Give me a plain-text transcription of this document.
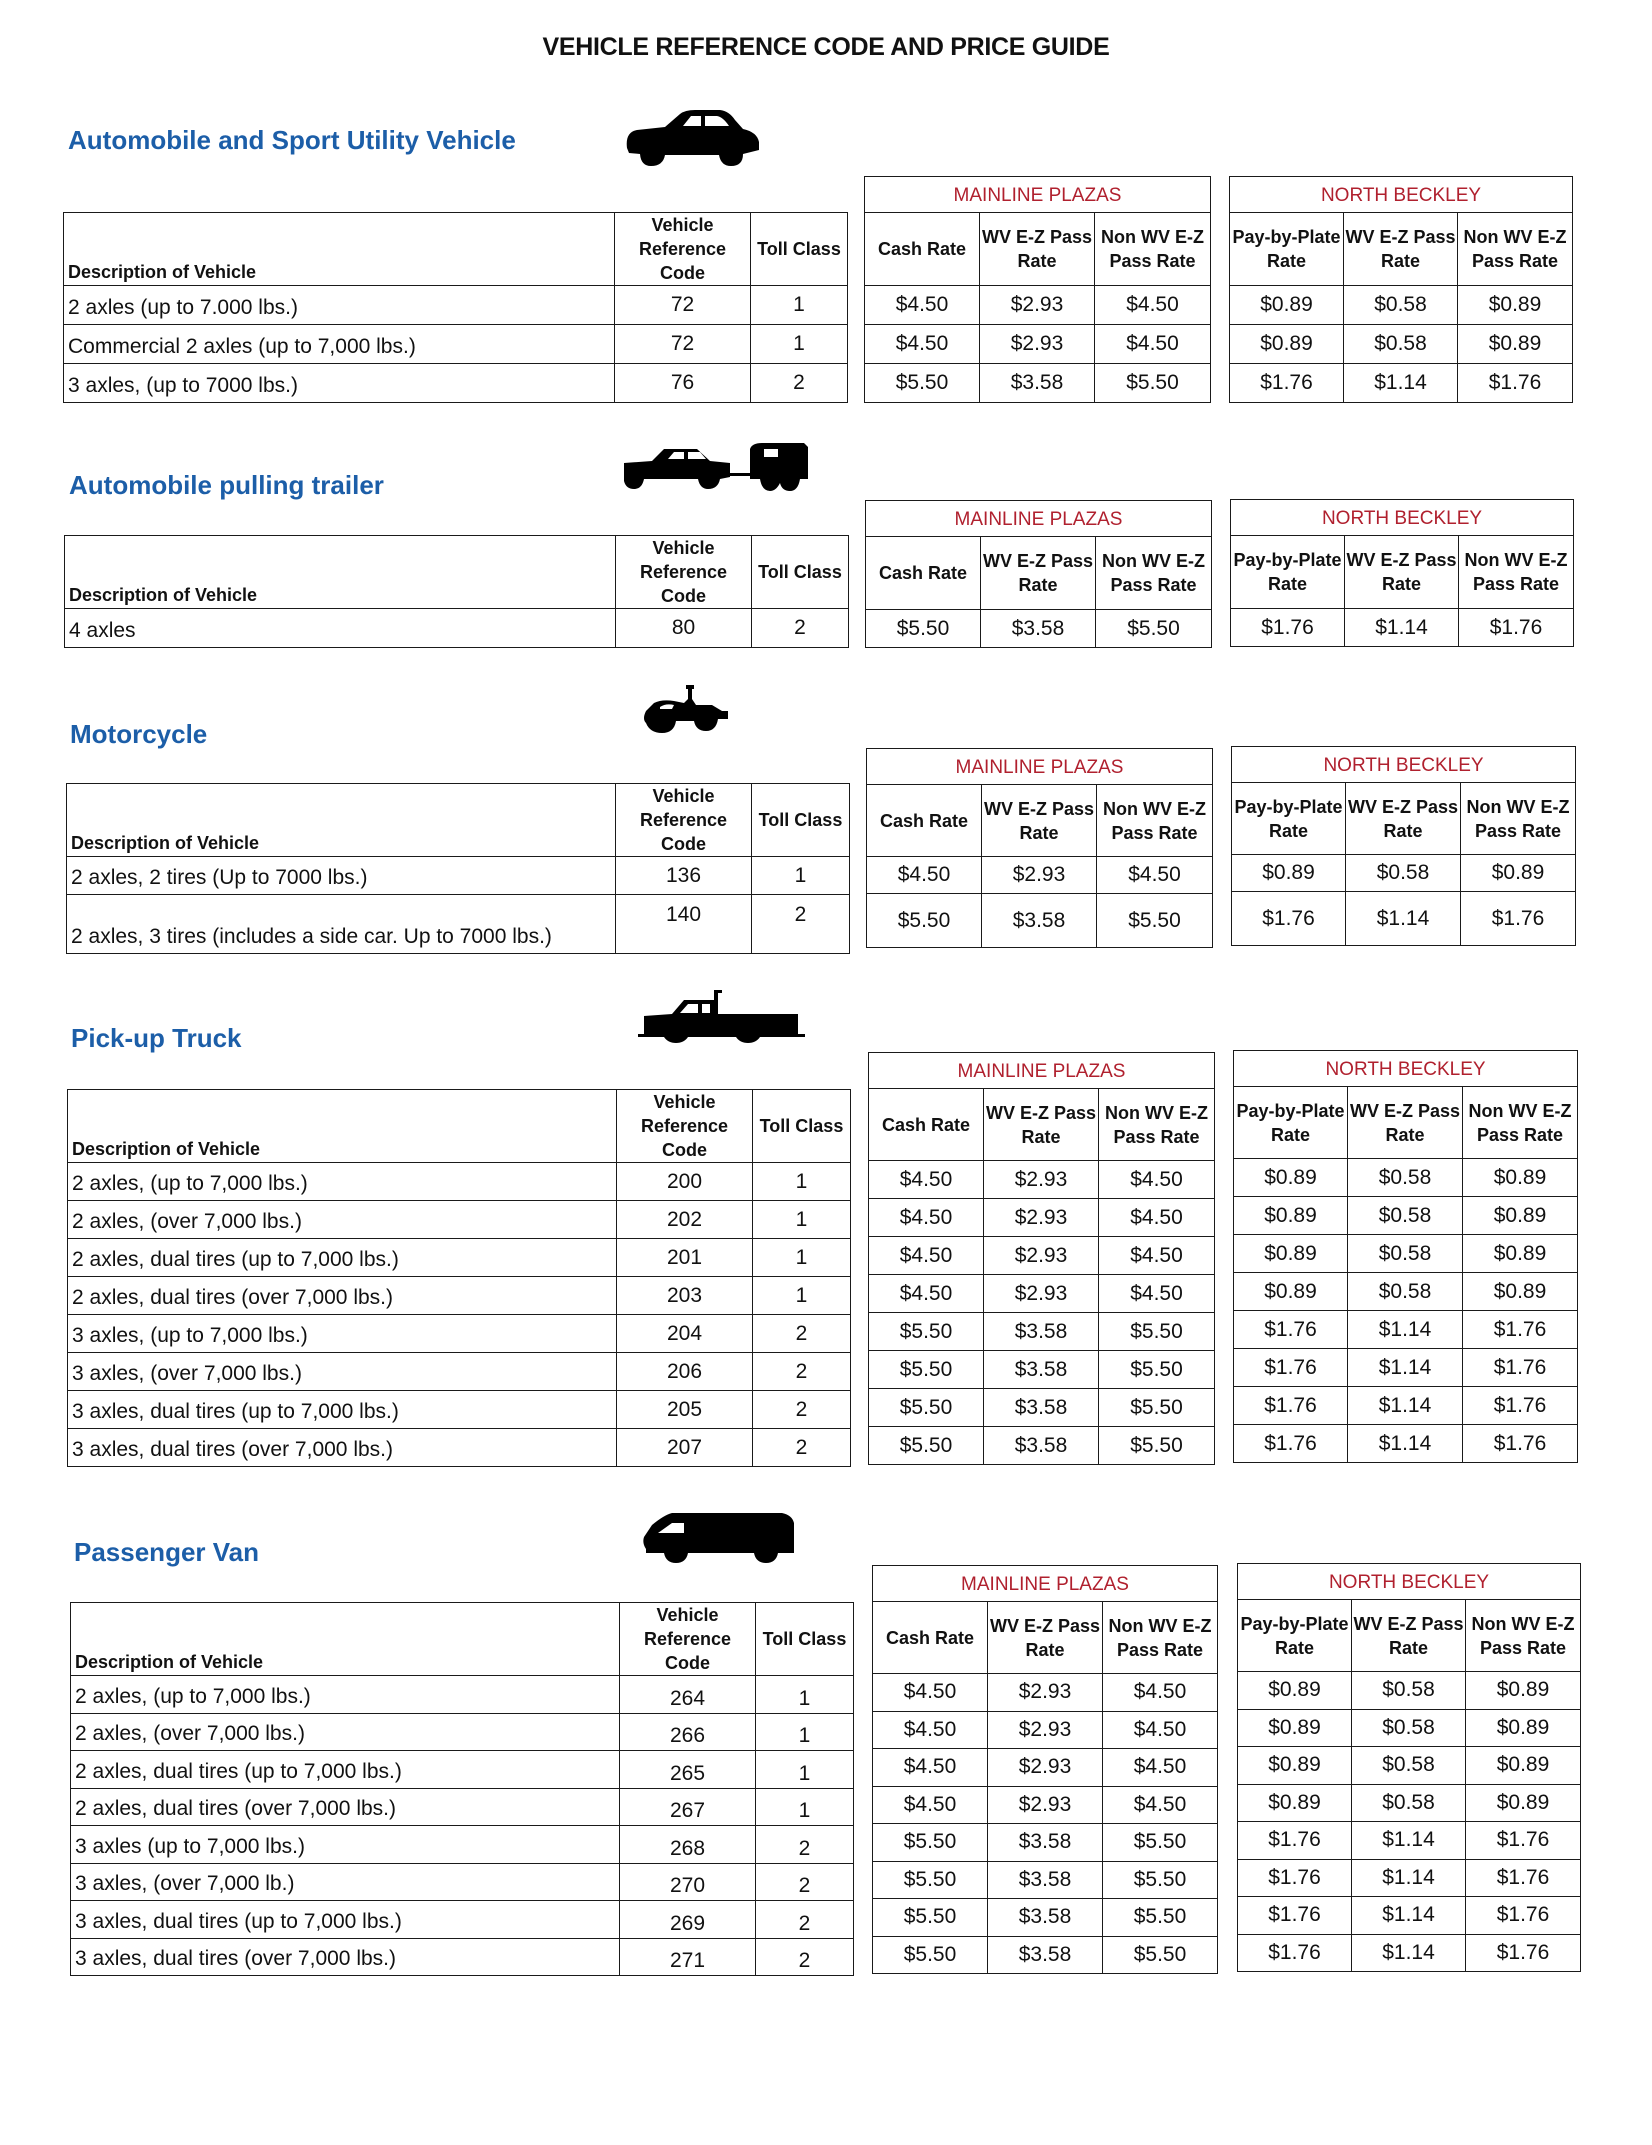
VEHICLE REFERENCE CODE AND PRICE GUIDE
Automobile and Sport Utility Vehicle
Description of Vehicle	Vehicle Reference Code	Toll Class
2 axles (up to 7.000 lbs.)	72	1
Commercial 2 axles (up to 7,000 lbs.)	72	1
3 axles, (up to 7000 lbs.)	76	2
MAINLINE PLAZAS		
Cash Rate	WV E-Z Pass Rate	Non WV E-Z Pass Rate
$4.50	$2.93	$4.50
$4.50	$2.93	$4.50
$5.50	$3.58	$5.50
NORTH BECKLEY		
Pay-by-Plate Rate	WV E-Z Pass Rate	Non WV E-Z Pass Rate
$0.89	$0.58	$0.89
$0.89	$0.58	$0.89
$1.76	$1.14	$1.76
Automobile pulling trailer
Description of Vehicle	Vehicle Reference Code	Toll Class
4 axles	80	2
MAINLINE PLAZAS		
Cash Rate	WV E-Z Pass Rate	Non WV E-Z Pass Rate
$5.50	$3.58	$5.50
NORTH BECKLEY		
Pay-by-Plate Rate	WV E-Z Pass Rate	Non WV E-Z Pass Rate
$1.76	$1.14	$1.76
Motorcycle
Description of Vehicle	Vehicle Reference Code	Toll Class
2 axles, 2 tires (Up to 7000 lbs.)	136	1
2 axles, 3 tires (includes a side car. Up to 7000 lbs.)	140	2
MAINLINE PLAZAS		
Cash Rate	WV E-Z Pass Rate	Non WV E-Z Pass Rate
$4.50	$2.93	$4.50
$5.50	$3.58	$5.50
NORTH BECKLEY		
Pay-by-Plate Rate	WV E-Z Pass Rate	Non WV E-Z Pass Rate
$0.89	$0.58	$0.89
$1.76	$1.14	$1.76
Pick-up Truck
Description of Vehicle	Vehicle Reference Code	Toll Class
2 axles, (up to 7,000 lbs.)	200	1
2 axles, (over 7,000 lbs.)	202	1
2 axles, dual tires (up to 7,000 lbs.)	201	1
2 axles, dual tires (over 7,000 lbs.)	203	1
3 axles, (up to 7,000 lbs.)	204	2
3 axles, (over 7,000 lbs.)	206	2
3 axles, dual tires (up to 7,000 lbs.)	205	2
3 axles, dual tires (over 7,000 lbs.)	207	2
MAINLINE PLAZAS		
Cash Rate	WV E-Z Pass Rate	Non WV E-Z Pass Rate
$4.50	$2.93	$4.50
$4.50	$2.93	$4.50
$4.50	$2.93	$4.50
$4.50	$2.93	$4.50
$5.50	$3.58	$5.50
$5.50	$3.58	$5.50
$5.50	$3.58	$5.50
$5.50	$3.58	$5.50
NORTH BECKLEY		
Pay-by-Plate Rate	WV E-Z Pass Rate	Non WV E-Z Pass Rate
$0.89	$0.58	$0.89
$0.89	$0.58	$0.89
$0.89	$0.58	$0.89
$0.89	$0.58	$0.89
$1.76	$1.14	$1.76
$1.76	$1.14	$1.76
$1.76	$1.14	$1.76
$1.76	$1.14	$1.76
Passenger Van
Description of Vehicle	Vehicle Reference Code	Toll Class
2 axles, (up to 7,000 lbs.)	264	1
2 axles, (over 7,000 lbs.)	266	1
2 axles, dual tires (up to 7,000 lbs.)	265	1
2 axles, dual tires (over 7,000 lbs.)	267	1
3 axles (up to 7,000 lbs.)	268	2
3 axles, (over 7,000 lb.)	270	2
3 axles, dual tires (up to 7,000 lbs.)	269	2
3 axles, dual tires (over 7,000 lbs.)	271	2
MAINLINE PLAZAS		
Cash Rate	WV E-Z Pass Rate	Non WV E-Z Pass Rate
$4.50	$2.93	$4.50
$4.50	$2.93	$4.50
$4.50	$2.93	$4.50
$4.50	$2.93	$4.50
$5.50	$3.58	$5.50
$5.50	$3.58	$5.50
$5.50	$3.58	$5.50
$5.50	$3.58	$5.50
NORTH BECKLEY		
Pay-by-Plate Rate	WV E-Z Pass Rate	Non WV E-Z Pass Rate
$0.89	$0.58	$0.89
$0.89	$0.58	$0.89
$0.89	$0.58	$0.89
$0.89	$0.58	$0.89
$1.76	$1.14	$1.76
$1.76	$1.14	$1.76
$1.76	$1.14	$1.76
$1.76	$1.14	$1.76
